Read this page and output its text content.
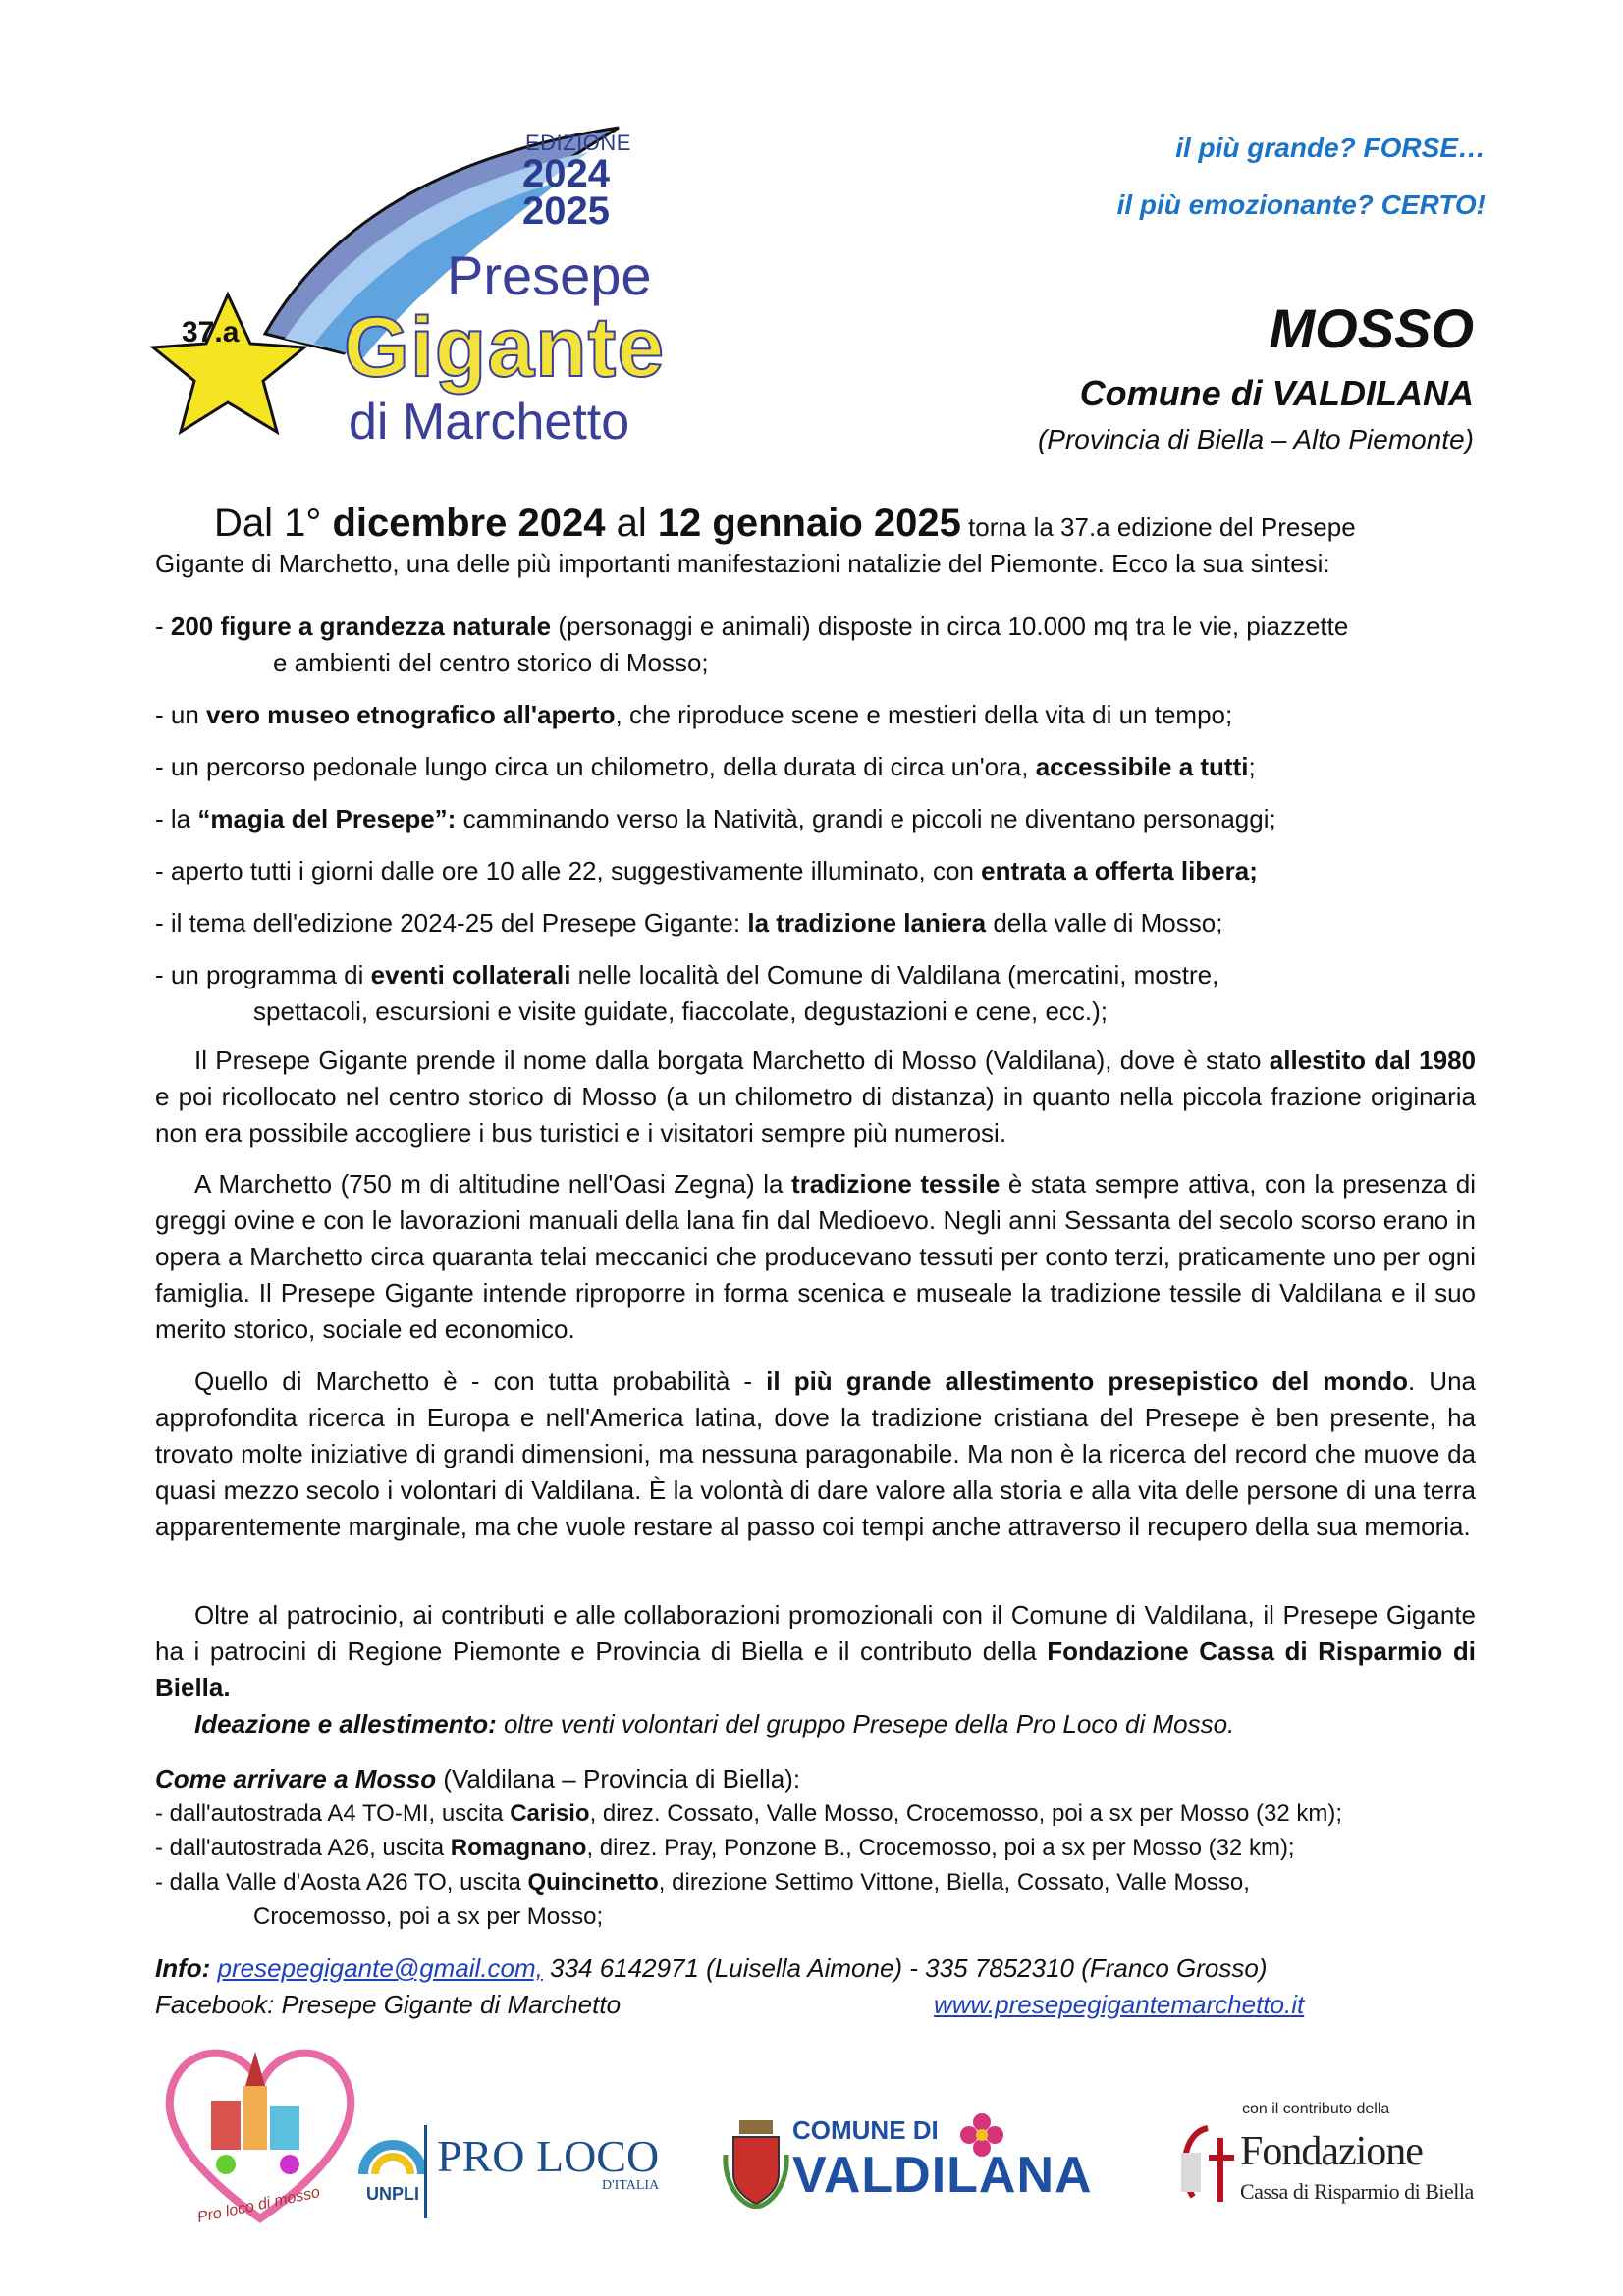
37.a
EDIZIONE
2024
2025
Presepe
Gigante
di Marchetto
il più grande? FORSE…
il più emozionante? CERTO!
MOSSO
Comune di VALDILANA
(Provincia di Biella – Alto Piemonte)
Dal 1° dicembre 2024 al 12 gennaio 2025 torna la 37.a edizione del Presepe
Gigante di Marchetto, una delle più importanti manifestazioni natalizie del Piemonte. Ecco la sua sintesi:
- 200 figure a grandezza naturale (personaggi e animali) disposte in circa 10.000 mq tra le vie, piazzette
e ambienti del centro storico di Mosso;
- un vero museo etnografico all'aperto, che riproduce scene e mestieri della vita di un tempo;
- un percorso pedonale lungo circa un chilometro, della durata di circa un'ora, accessibile a tutti;
- la “magia del Presepe”: camminando verso la Natività, grandi e piccoli ne diventano personaggi;
- aperto tutti i giorni dalle ore 10 alle 22, suggestivamente illuminato, con entrata a offerta libera;
- il tema dell'edizione 2024-25 del Presepe Gigante: la tradizione laniera della valle di Mosso;
- un programma di eventi collaterali nelle località del Comune di Valdilana (mercatini, mostre,
spettacoli, escursioni e visite guidate, fiaccolate, degustazioni e cene, ecc.);
Il Presepe Gigante prende il nome dalla borgata Marchetto di Mosso (Valdilana), dove è stato allestito dal 1980 e poi ricollocato nel centro storico di Mosso (a un chilometro di distanza) in quanto nella piccola frazione originaria non era possibile accogliere i bus turistici e i visitatori sempre più numerosi.
A Marchetto (750 m di altitudine nell'Oasi Zegna) la tradizione tessile è stata sempre attiva, con la presenza di greggi ovine e con le lavorazioni manuali della lana fin dal Medioevo. Negli anni Sessanta del secolo scorso erano in opera a Marchetto circa quaranta telai meccanici che producevano tessuti per conto terzi, praticamente uno per ogni famiglia. Il Presepe Gigante intende riproporre in forma scenica e museale la tradizione tessile di Valdilana e il suo merito storico, sociale ed economico.
Quello di Marchetto è - con tutta probabilità - il più grande allestimento presepistico del mondo. Una approfondita ricerca in Europa e nell'America latina, dove la tradizione cristiana del Presepe è ben presente, ha trovato molte iniziative di grandi dimensioni, ma nessuna paragonabile. Ma non è la ricerca del record che muove da quasi mezzo secolo i volontari di Valdilana. È la volontà di dare valore alla storia e alla vita delle persone di una terra apparentemente marginale, ma che vuole restare al passo coi tempi anche attraverso il recupero della sua memoria.
Oltre al patrocinio, ai contributi e alle collaborazioni promozionali con il Comune di Valdilana, il Presepe Gigante ha i patrocini di Regione Piemonte e Provincia di Biella e il contributo della Fondazione Cassa di Risparmio di Biella.
Ideazione e allestimento: oltre venti volontari del gruppo Presepe della Pro Loco di Mosso.
Come arrivare a Mosso (Valdilana – Provincia di Biella):
- dall'autostrada A4 TO-MI, uscita Carisio, direz. Cossato, Valle Mosso, Crocemosso, poi a sx per Mosso (32 km);
- dall'autostrada A26, uscita Romagnano, direz. Pray, Ponzone B., Crocemosso, poi a sx per Mosso (32 km);
- dalla Valle d'Aosta A26 TO, uscita Quincinetto, direzione Settimo Vittone, Biella, Cossato, Valle Mosso,
Crocemosso, poi a sx per Mosso;
Info: presepegigante@gmail.com, 334 6142971 (Luisella Aimone) - 335 7852310 (Franco Grosso)
Facebook: Presepe Gigante di Marchetto	www.presepegigantemarchetto.it
Pro loco di mosso	UNPLI
PRO LOCO
D'ITALIA
COMUNE DI
VALDILANA
con il contributo della
Fondazione
Cassa di Risparmio di Biella
